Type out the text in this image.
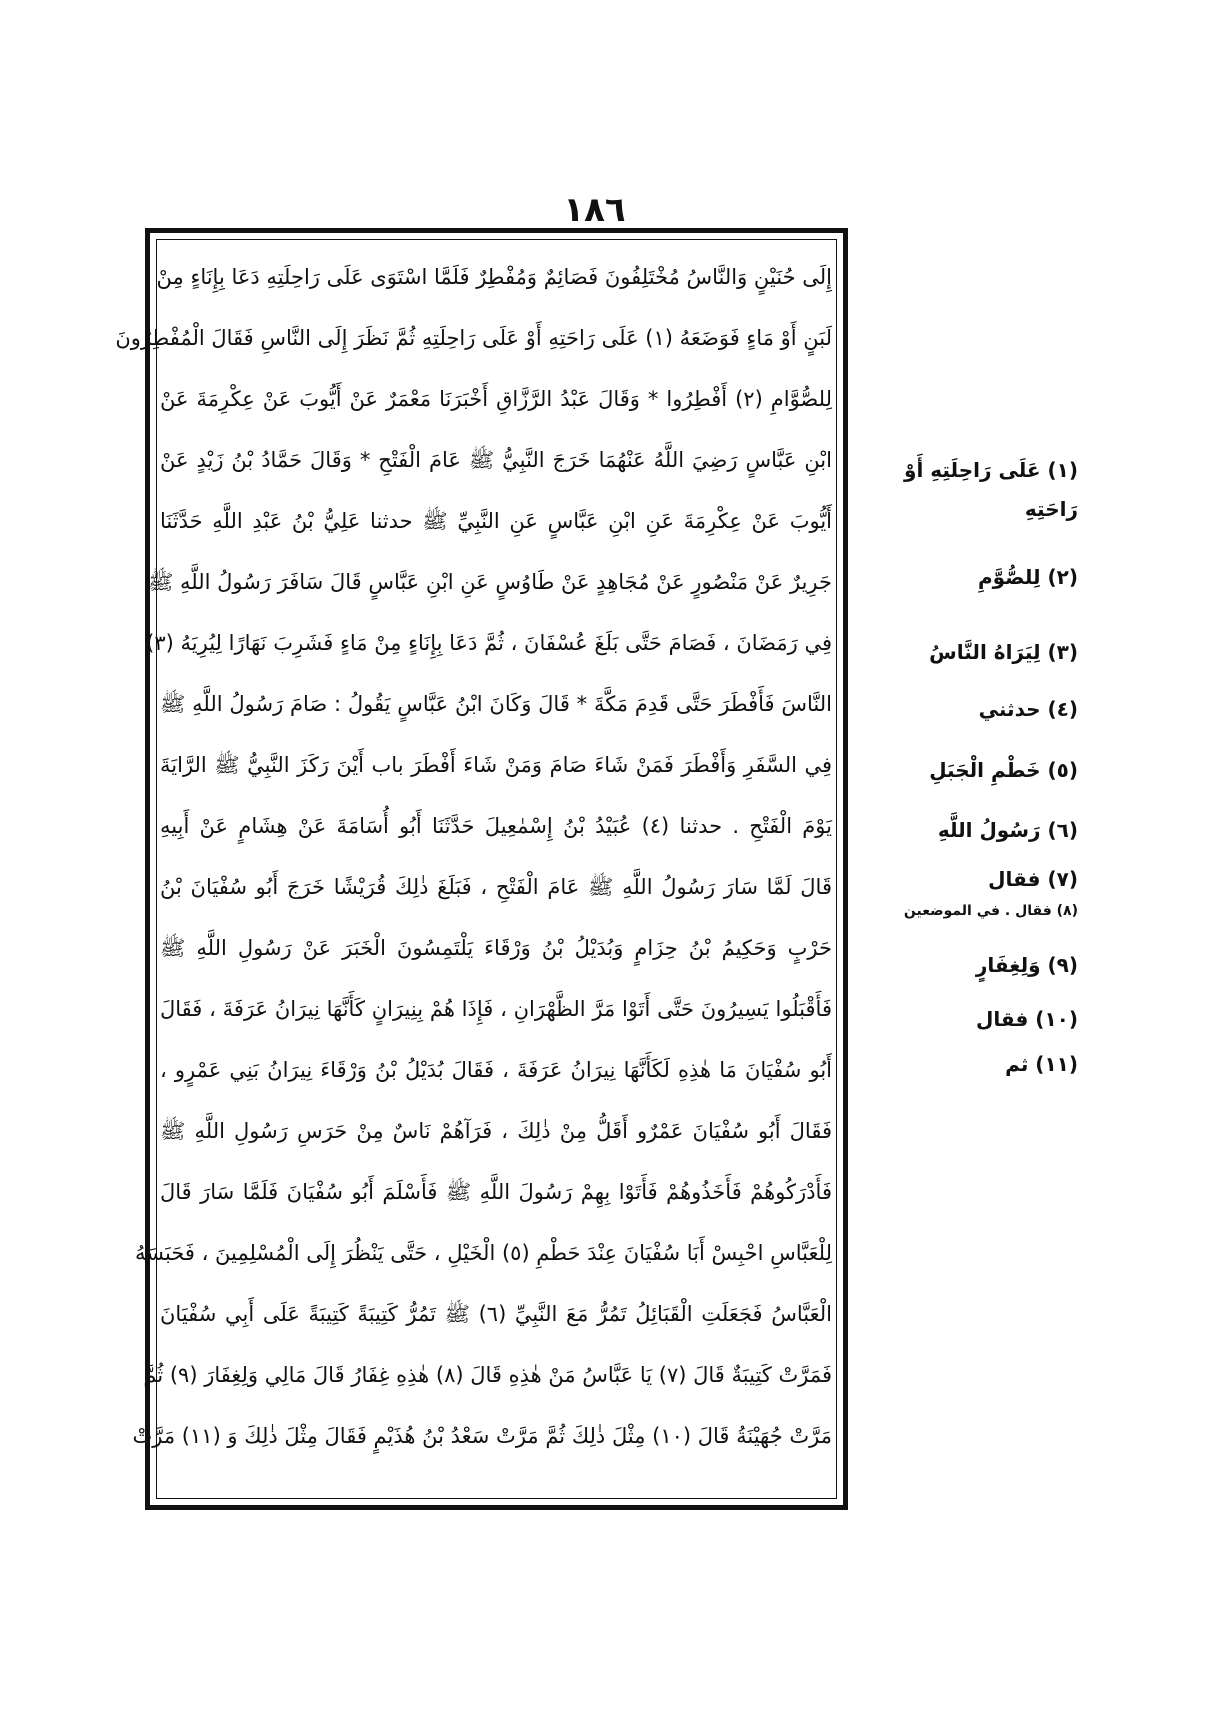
١٨٦
إِلَى حُنَيْنٍ وَالنَّاسُ مُخْتَلِفُونَ فَصَائِمٌ وَمُفْطِرٌ فَلَمَّا اسْتَوَى عَلَى رَاحِلَتِهِ دَعَا بِإِنَاءٍ مِنْ
لَبَنٍ أَوْ مَاءٍ فَوَضَعَهُ (١) عَلَى رَاحَتِهِ أَوْ عَلَى رَاحِلَتِهِ ثُمَّ نَظَرَ إِلَى النَّاسِ فَقَالَ الْمُفْطِرُونَ
لِلصُّوَّامِ (٢) أَفْطِرُوا * وَقَالَ عَبْدُ الرَّزَّاقِ أَخْبَرَنَا مَعْمَرٌ عَنْ أَيُّوبَ عَنْ عِكْرِمَةَ عَنْ
ابْنِ عَبَّاسٍ رَضِيَ اللَّهُ عَنْهُمَا خَرَجَ النَّبِيُّ ﷺ عَامَ الْفَتْحِ * وَقَالَ حَمَّادُ بْنُ زَيْدٍ عَنْ
أَيُّوبَ عَنْ عِكْرِمَةَ عَنِ ابْنِ عَبَّاسٍ عَنِ النَّبِيِّ ﷺ حدثنا عَلِيُّ بْنُ عَبْدِ اللَّهِ حَدَّثَنَا
جَرِيرٌ عَنْ مَنْصُورٍ عَنْ مُجَاهِدٍ عَنْ طَاوُسٍ عَنِ ابْنِ عَبَّاسٍ قَالَ سَافَرَ رَسُولُ اللَّهِ ﷺ
فِي رَمَضَانَ ، فَصَامَ حَتَّى بَلَغَ عُسْفَانَ ، ثُمَّ دَعَا بِإِنَاءٍ مِنْ مَاءٍ فَشَرِبَ نَهَارًا لِيُرِيَهُ (٣)
النَّاسَ فَأَفْطَرَ حَتَّى قَدِمَ مَكَّةَ * قَالَ وَكَانَ ابْنُ عَبَّاسٍ يَقُولُ : صَامَ رَسُولُ اللَّهِ ﷺ
فِي السَّفَرِ وَأَفْطَرَ فَمَنْ شَاءَ صَامَ وَمَنْ شَاءَ أَفْطَرَ باب أَيْنَ رَكَزَ النَّبِيُّ ﷺ الرَّايَةَ
يَوْمَ الْفَتْحِ . حدثنا (٤) عُبَيْدُ بْنُ إِسْمٰعِيلَ حَدَّثَنَا أَبُو أُسَامَةَ عَنْ هِشَامٍ عَنْ أَبِيهِ
قَالَ لَمَّا سَارَ رَسُولُ اللَّهِ ﷺ عَامَ الْفَتْحِ ، فَبَلَغَ ذٰلِكَ قُرَيْشًا خَرَجَ أَبُو سُفْيَانَ بْنُ
حَرْبٍ وَحَكِيمُ بْنُ حِزَامٍ وَبُدَيْلُ بْنُ وَرْقَاءَ يَلْتَمِسُونَ الْخَبَرَ عَنْ رَسُولِ اللَّهِ ﷺ
فَأَقْبَلُوا يَسِيرُونَ حَتَّى أَتَوْا مَرَّ الظَّهْرَانِ ، فَإِذَا هُمْ بِنِيرَانٍ كَأَنَّهَا نِيرَانُ عَرَفَةَ ، فَقَالَ
أَبُو سُفْيَانَ مَا هٰذِهِ لَكَأَنَّهَا نِيرَانُ عَرَفَةَ ، فَقَالَ بُدَيْلُ بْنُ وَرْقَاءَ نِيرَانُ بَنِي عَمْرٍو ،
فَقَالَ أَبُو سُفْيَانَ عَمْرٌو أَقَلُّ مِنْ ذٰلِكَ ، فَرَآهُمْ نَاسٌ مِنْ حَرَسِ رَسُولِ اللَّهِ ﷺ
فَأَدْرَكُوهُمْ فَأَخَذُوهُمْ فَأَتَوْا بِهِمْ رَسُولَ اللَّهِ ﷺ فَأَسْلَمَ أَبُو سُفْيَانَ فَلَمَّا سَارَ قَالَ
لِلْعَبَّاسِ احْبِسْ أَبَا سُفْيَانَ عِنْدَ حَطْمِ (٥) الْخَيْلِ ، حَتَّى يَنْظُرَ إِلَى الْمُسْلِمِينَ ، فَحَبَسَهُ
الْعَبَّاسُ فَجَعَلَتِ الْقَبَائِلُ تَمُرُّ مَعَ النَّبِيِّ (٦) ﷺ تَمُرُّ كَتِيبَةً كَتِيبَةً عَلَى أَبِي سُفْيَانَ
فَمَرَّتْ كَتِيبَةٌ قَالَ (٧) يَا عَبَّاسُ مَنْ هٰذِهِ قَالَ (٨) هٰذِهِ غِفَارُ قَالَ مَالِي وَلِغِفَارَ (٩) ثُمَّ
مَرَّتْ جُهَيْنَةُ قَالَ (١٠) مِثْلَ ذٰلِكَ ثُمَّ مَرَّتْ سَعْدُ بْنُ هُذَيْمٍ فَقَالَ مِثْلَ ذٰلِكَ وَ (١١) مَرَّتْ
(١) عَلَى رَاحِلَتِهِ أَوْ
رَاحَتِهِ
(٢) لِلصُّوَّمِ
(٣) لِيَرَاهُ النَّاسُ
(٤) حدثني
(٥) خَطْمِ الْجَبَلِ
(٦) رَسُولُ اللَّهِ
(٧) فقال
(٨) فقال . في الموضعين
(٩) وَلِغِفَارٍ
(١٠) فقال
(١١) ثم
